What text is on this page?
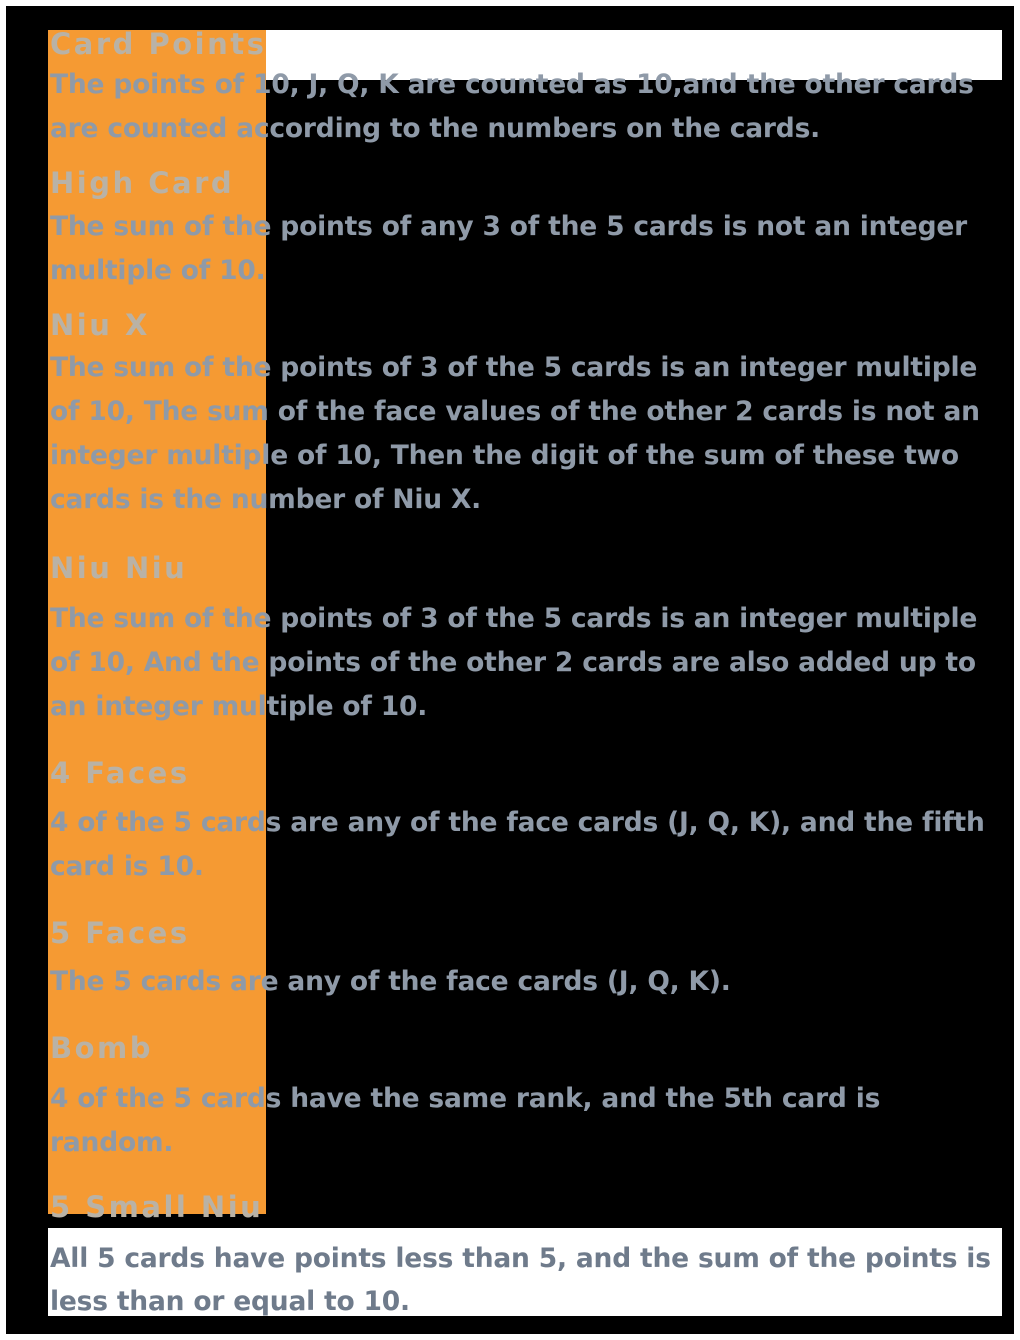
Card Points

The points of 10, J, Q, K are counted as 10,and the other cards are counted according to the numbers on the cards.

High Card

The sum of the points of any 3 of the 5 cards is not an integer multiple of 10.

Niu X

The sum of the points of 3 of the 5 cards is an integer multiple of 10, The sum of the face values of the other 2 cards is not an integer multiple of 10, Then the digit of the sum of these two cards is the number of Niu X.

Niu Niu

The sum of the points of 3 of the 5 cards is an integer multiple of 10, And the points of the other 2 cards are also added up to an integer multiple of 10.

4 Faces

4 of the 5 cards are any of the face cards (J, Q, K), and the fifth card is 10.

5 Faces

The 5 cards are any of the face cards (J, Q, K).

Bomb

4 of the 5 cards have the same rank, and the 5th card is random.

5 Small Niu

All 5 cards have points less than 5, and the sum of the points is less than or equal to 10.
